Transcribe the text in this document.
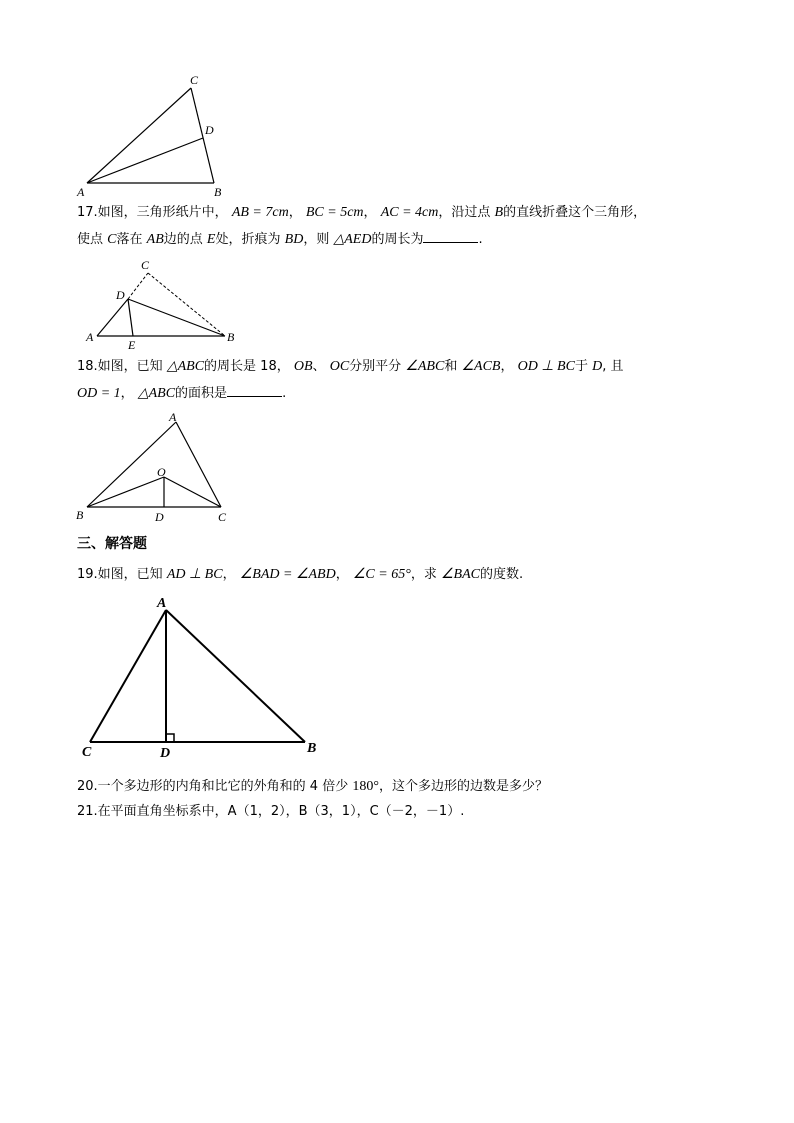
C
D
A	B
17.如图，三角形纸片中， AB = 7cm， BC = 5cm， AC = 4cm，沿过点 B的直线折叠这个三角形，
使点 C落在 AB边的点 E处，折痕为 BD，则 △AED的周长为	.
C
D
A
E
B
18.如图，已知 △ABC的周长是 18， OB、 OC分别平分 ∠ABC和 ∠ACB， OD ⊥ BC于 D, 且
OD = 1， △ABC的面积是	.
A
O
B	D	C
三、解答题
19.如图，已知 AD ⊥ BC， ∠BAD = ∠ABD， ∠C = 65°，求 ∠BAC的度数.
A
C	D	B
20.一个多边形的内角和比它的外角和的 4 倍少 180°，这个多边形的边数是多少？
21.在平面直角坐标系中，A（1，2），B（3，1），C（－2，－1）.
